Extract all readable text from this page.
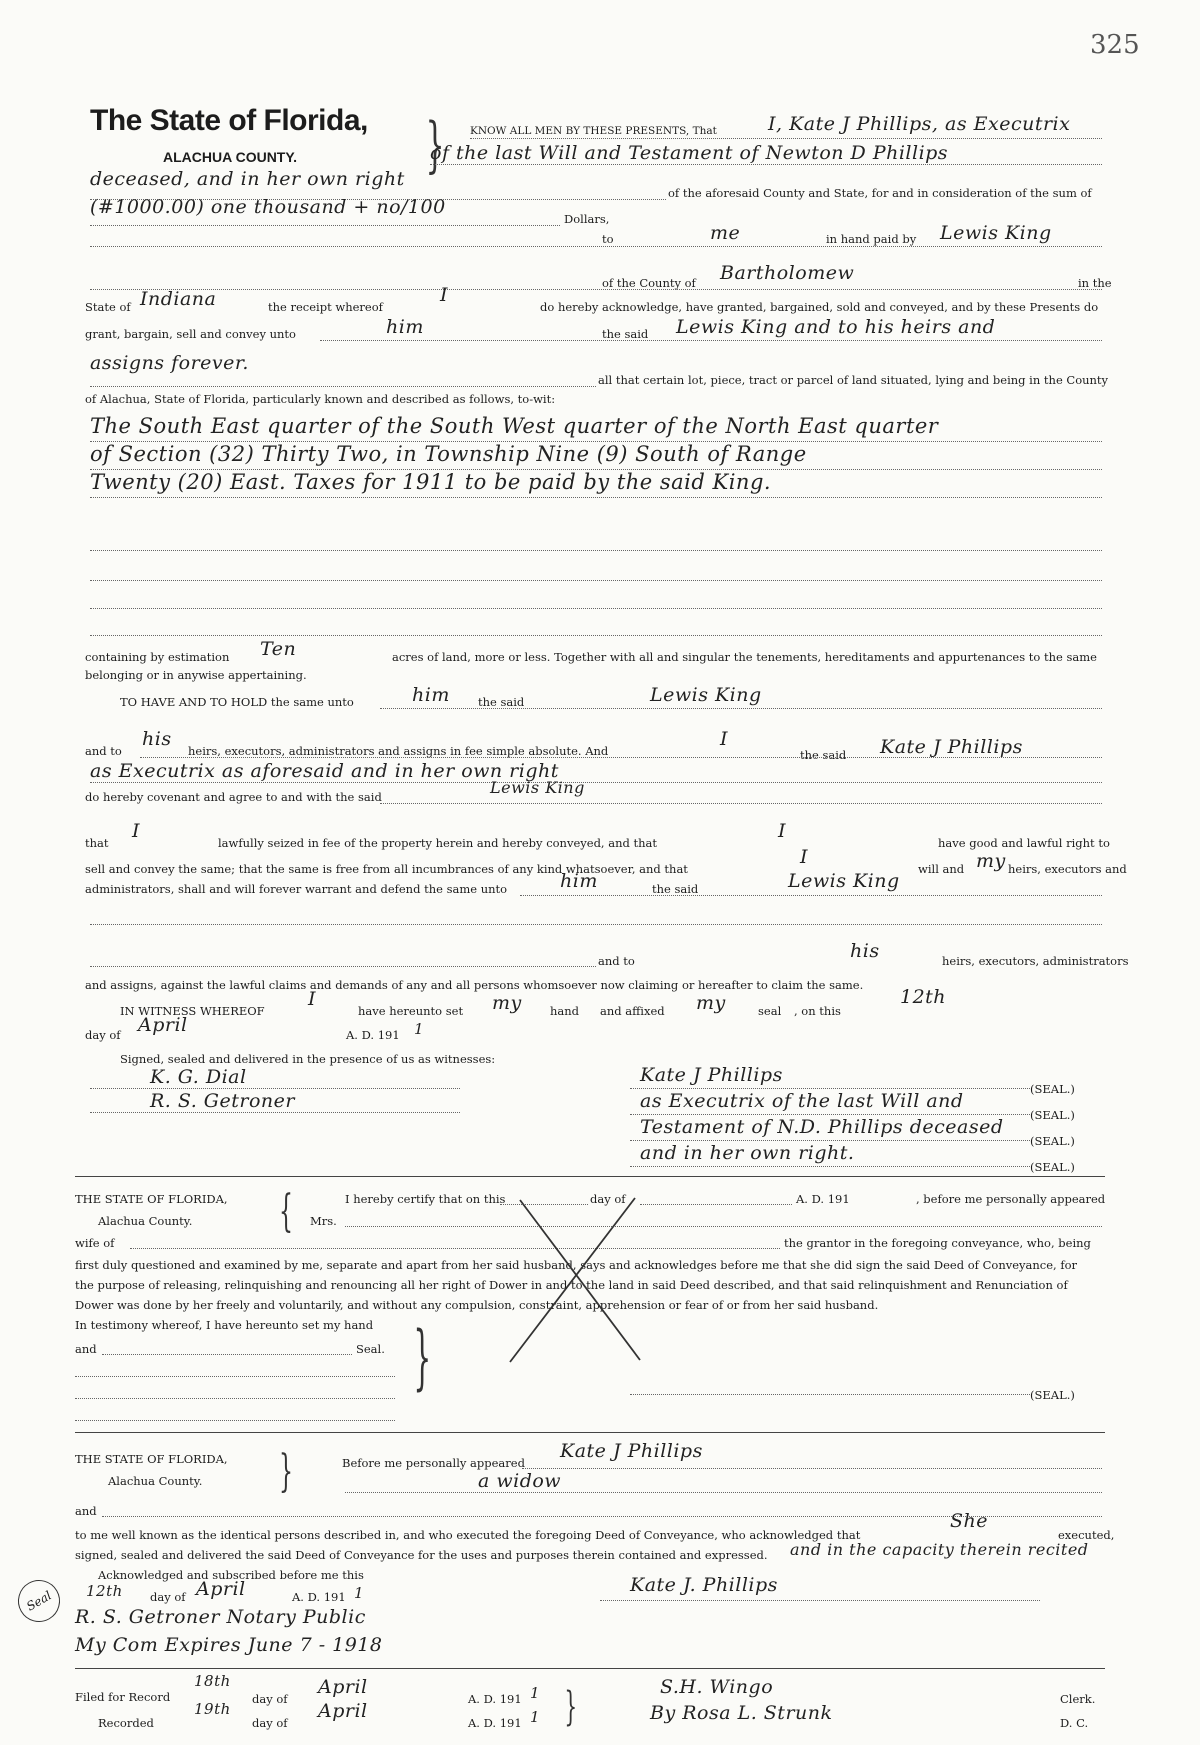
325
The State of Florida,
ALACHUA COUNTY. } KNOW ALL MEN BY THESE PRESENTS, That	I, Kate J Phillips, as Executrix
of the last Will and Testament of Newton D Phillips
deceased, and in her own right
of the aforesaid County and State, for and in consideration of the sum of
(#1000.00) one thousand + no/100
Dollars,
to	me	in hand paid by Lewis King
of the County of Bartholomew	in the
State of Indiana	the receipt whereof
I
do hereby acknowledge, have granted, bargained, sold and conveyed, and by these Presents do
grant, bargain, sell and convey unto	him	the said Lewis King and to his heirs and
assigns forever.
all that certain lot, piece, tract or parcel of land situated, lying and being in the County
of Alachua, State of Florida, particularly known and described as follows, to-wit:
The South East quarter of the South West quarter of the North East quarter
of Section (32) Thirty Two, in Township Nine (9) South of Range
Twenty (20) East. Taxes for 1911 to be paid by the said King.
containing by estimation Ten	acres of land, more or less. Together with all and singular the tenements, hereditaments and appurtenances to the same
belonging or in anywise appertaining.
TO HAVE AND TO HOLD the same unto	him the said	Lewis King
and to
his
heirs, executors, administrators and assigns in fee simple absolute. And
I
the said Kate J Phillips
as Executrix as aforesaid and in her own right
do hereby covenant and agree to and with the said	Lewis King
that
I
lawfully seized in fee of the property herein and hereby conveyed, and that
I
have good and lawful right to
sell and convey the same; that the same is free from all incumbrances of any kind whatsoever, and that
I
will and my heirs, executors and
administrators, shall and will forever warrant and defend the same unto	him	the said	Lewis King
and to	his	heirs, executors, administrators
and assigns, against the lawful claims and demands of any and all persons whomsoever now claiming or hereafter to claim the same.
IN WITNESS WHEREOF
I
have hereunto set my hand and affixed my	seal , on this
12th
day of April	A. D. 191 1
Signed, sealed and delivered in the presence of us as witnesses:
K. G. Dial
R. S. Getroner
Kate J Phillips
(SEAL.)
as Executrix of the last Will and
(SEAL.)
Testament of N.D. Phillips deceased
(SEAL.)
and in her own right.
(SEAL.)
THE STATE OF FLORIDA,
Alachua County. {	I hereby certify that on this	day of	A. D. 191	, before me personally appeared
Mrs.
wife of	the grantor in the foregoing conveyance, who, being
first duly questioned and examined by me, separate and apart from her said husband, says and acknowledges before me that she did sign the said Deed of Conveyance, for
the purpose of releasing, relinquishing and renouncing all her right of Dower in and to the land in said Deed described, and that said relinquishment and Renunciation of
Dower was done by her freely and voluntarily, and without any compulsion, constraint, apprehension or fear of or from her said husband.
In testimony whereof, I have hereunto set my hand
and	Seal. }	(SEAL.)
THE STATE OF FLORIDA,
Alachua County. }	Before me personally appeared
Kate J Phillips
a widow
and
to me well known as the identical persons described in, and who executed the foregoing Deed of Conveyance, who acknowledged that
She
executed,
signed, sealed and delivered the said Deed of Conveyance for the uses and purposes therein contained and expressed. and in the capacity therein recited
Acknowledged and subscribed before me this
12th day of April	A. D. 191 1
R. S. Getroner Notary Public
My Com Expires June 7 - 1918
Seal
Kate J. Phillips
Filed for Record
18th
day of
April
A. D. 191 1
Recorded
19th
day of
April
A. D. 191 1 }	S.H. Wingo
Clerk.
By Rosa L. Strunk	D. C.
